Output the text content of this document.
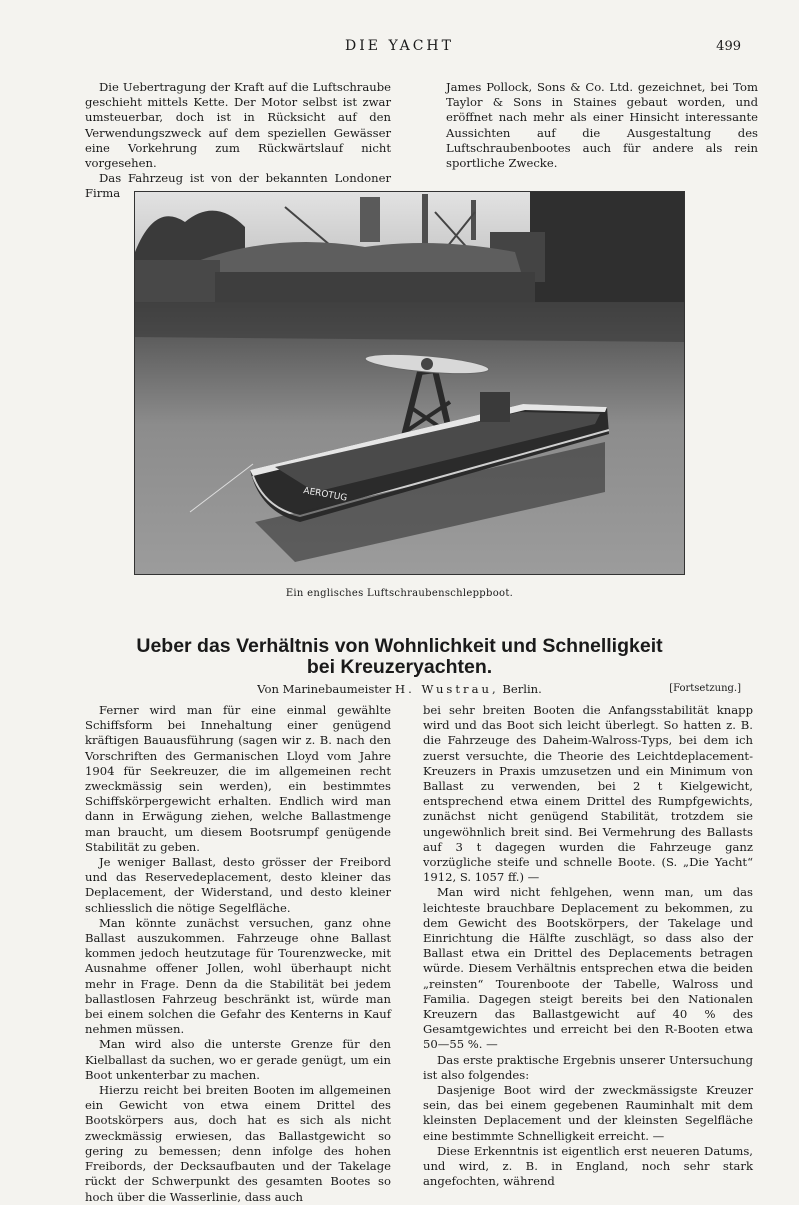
DIE YACHT	499

Die Uebertragung der Kraft auf die Luftschraube geschieht mittels Kette. Der Motor selbst ist zwar umsteuerbar, doch ist in Rücksicht auf den Verwendungszweck auf dem speziellen Gewässer eine Vorkehrung zum Rückwärtslauf nicht vorgesehen.

Das Fahrzeug ist von der bekannten Londoner Firma

James Pollock, Sons & Co. Ltd. gezeichnet, bei Tom Taylor & Sons in Staines gebaut worden, und eröffnet nach mehr als einer Hinsicht interessante Aussichten auf die Ausgestaltung des Luftschraubenbootes auch für andere als rein sportliche Zwecke.

AEROTUG
Ein englisches Luftschraubenschleppboot.
Ueber das Verhältnis von Wohnlichkeit und Schnelligkeit
bei Kreuzeryachten.
Von Marinebaumeister H. Wustrau, Berlin.	[Fortsetzung.]

Ferner wird man für eine einmal gewählte Schiffsform bei Innehaltung einer genügend kräftigen Bauausführung (sagen wir z. B. nach den Vorschriften des Germanischen Lloyd vom Jahre 1904 für Seekreuzer, die im allgemeinen recht zweckmässig sein werden), ein bestimmtes Schiffskörpergewicht erhalten. Endlich wird man dann in Erwägung ziehen, welche Ballastmenge man braucht, um diesem Bootsrumpf genügende Stabilität zu geben.

Je weniger Ballast, desto grösser der Freibord und das Reservedeplacement, desto kleiner das Deplacement, der Widerstand, und desto kleiner schliesslich die nötige Segelfläche.

Man könnte zunächst versuchen, ganz ohne Ballast auszukommen. Fahrzeuge ohne Ballast kommen jedoch heutzutage für Tourenzwecke, mit Ausnahme offener Jollen, wohl überhaupt nicht mehr in Frage. Denn da die Stabilität bei jedem ballastlosen Fahrzeug beschränkt ist, würde man bei einem solchen die Gefahr des Kenterns in Kauf nehmen müssen.

Man wird also die unterste Grenze für den Kielballast da suchen, wo er gerade genügt, um ein Boot unkenterbar zu machen.

Hierzu reicht bei breiten Booten im allgemeinen ein Gewicht von etwa einem Drittel des Bootskörpers aus, doch hat es sich als nicht zweckmässig erwiesen, das Ballastgewicht so gering zu bemessen; denn infolge des hohen Freibords, der Decksaufbauten und der Takelage rückt der Schwerpunkt des gesamten Bootes so hoch über die Wasserlinie, dass auch

bei sehr breiten Booten die Anfangsstabilität knapp wird und das Boot sich leicht überlegt. So hatten z. B. die Fahrzeuge des Daheim-Walross-Typs, bei dem ich zuerst versuchte, die Theorie des Leichtdeplacement-Kreuzers in Praxis umzusetzen und ein Minimum von Ballast zu verwenden, bei 2 t Kielgewicht, entsprechend etwa einem Drittel des Rumpfgewichts, zunächst nicht genügend Stabilität, trotzdem sie ungewöhnlich breit sind. Bei Vermehrung des Ballasts auf 3 t dagegen wurden die Fahrzeuge ganz vorzügliche steife und schnelle Boote. (S. „Die Yacht“ 1912, S. 1057 ff.) —

Man wird nicht fehlgehen, wenn man, um das leichteste brauchbare Deplacement zu bekommen, zu dem Gewicht des Bootskörpers, der Takelage und Einrichtung die Hälfte zuschlägt, so dass also der Ballast etwa ein Drittel des Deplacements betragen würde. Diesem Verhältnis entsprechen etwa die beiden „reinsten“ Tourenboote der Tabelle, Walross und Familia. Dagegen steigt bereits bei den Nationalen Kreuzern das Ballastgewicht auf 40 % des Gesamtgewichtes und erreicht bei den R-Booten etwa 50—55 %. —

Das erste praktische Ergebnis unserer Untersuchung ist also folgendes:

Dasjenige Boot wird der zweckmässigste Kreuzer sein, das bei einem gegebenen Rauminhalt mit dem kleinsten Deplacement und der kleinsten Segelfläche eine bestimmte Schnelligkeit erreicht. —

Diese Erkenntnis ist eigentlich erst neueren Datums, und wird, z. B. in England, noch sehr stark angefochten, während
